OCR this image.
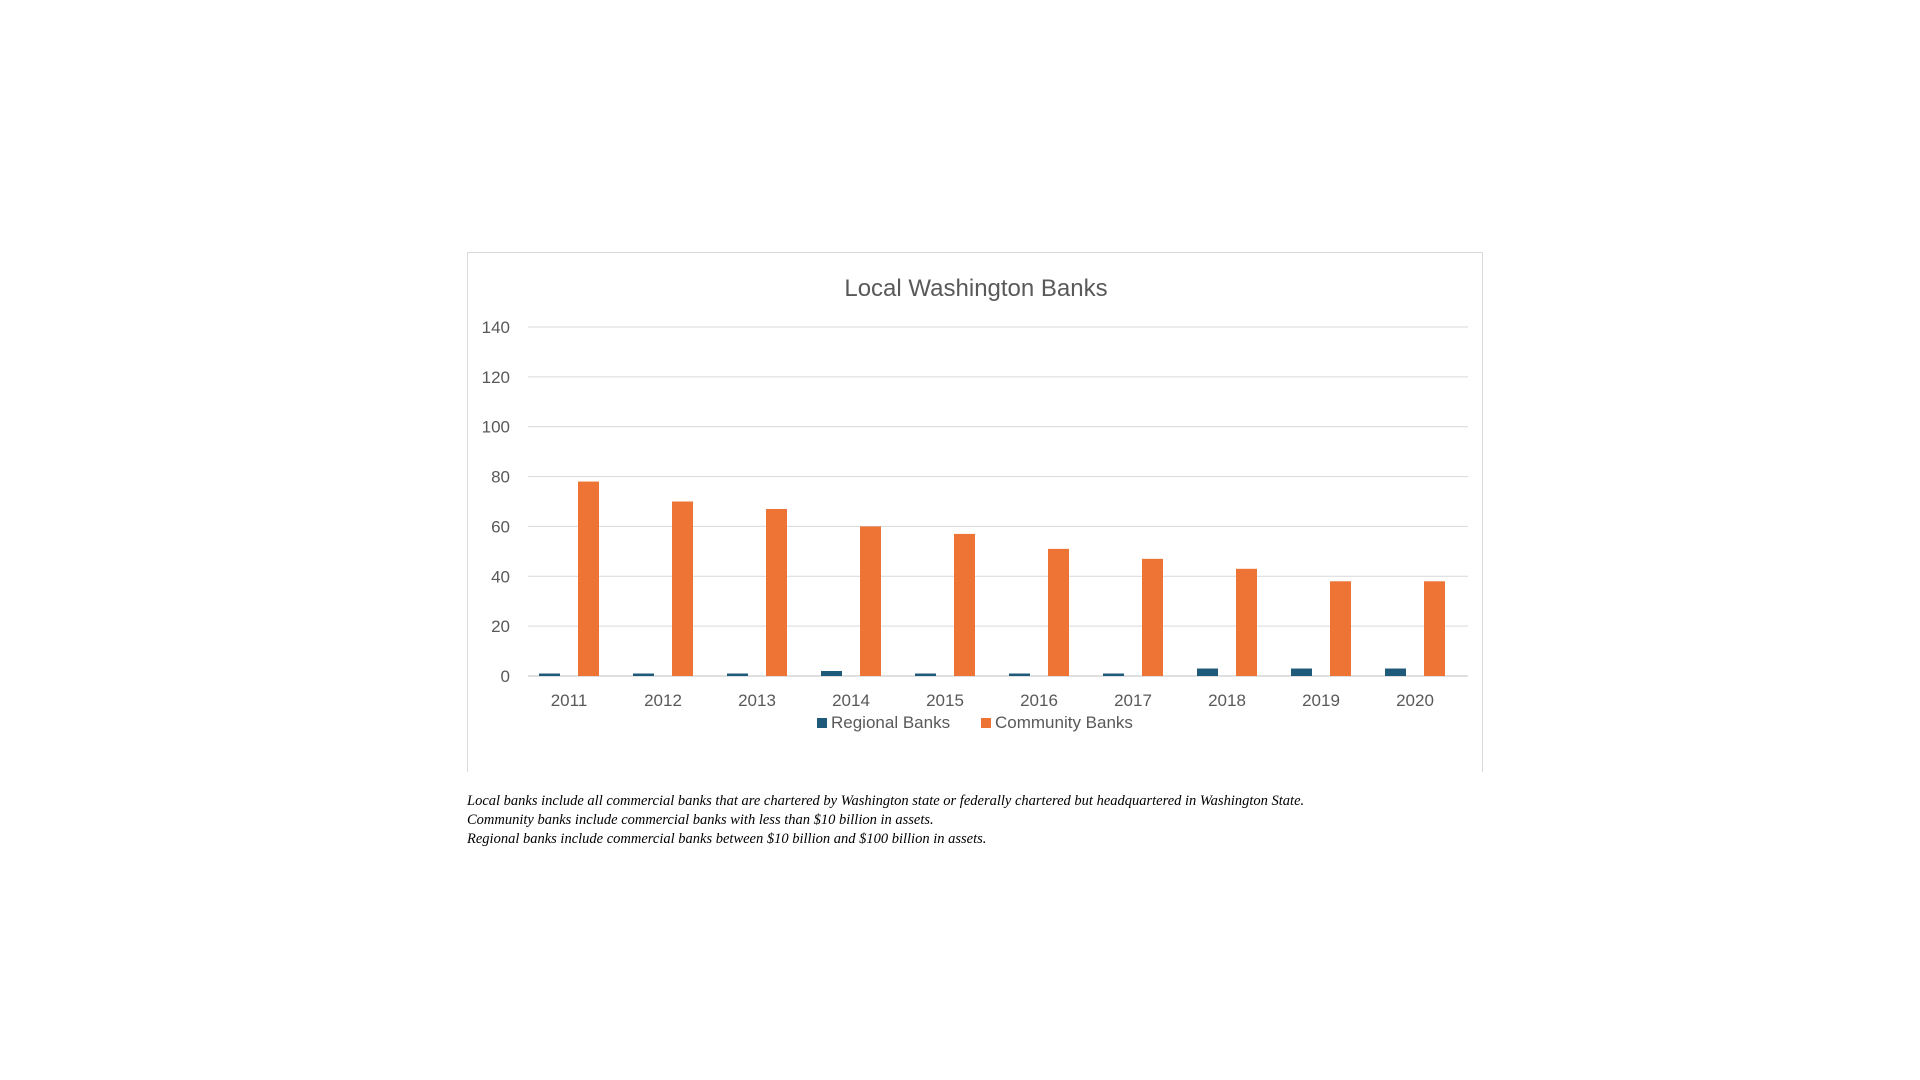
Local Washington Banks
0
20
40
60
80
100
120
140
2011	2012	2013	2014	2015	2016	2017	2018	2019	2020
Regional Banks	Community Banks
Local banks include all commercial banks that are chartered by Washington state or federally chartered but headquartered in Washington State.
Community banks include commercial banks with less than $10 billion in assets.
Regional banks include commercial banks between $10 billion and $100 billion in assets.
